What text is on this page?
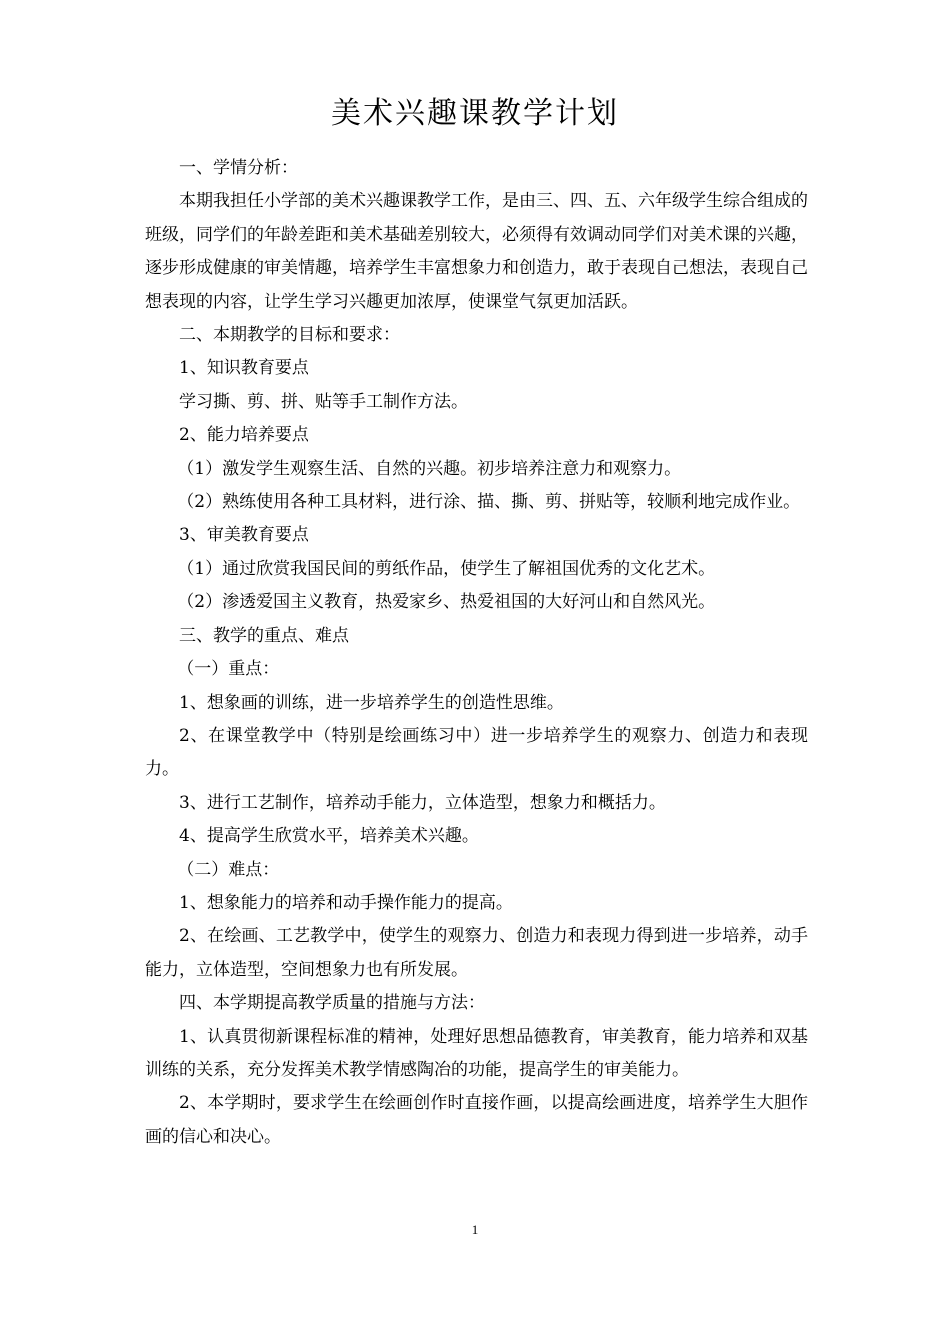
美术兴趣课教学计划

一、学情分析：

本期我担任小学部的美术兴趣课教学工作，是由三、四、五、六年级学生综合组成的班级，同学们的年龄差距和美术基础差别较大，必须得有效调动同学们对美术课的兴趣，逐步形成健康的审美情趣，培养学生丰富想象力和创造力，敢于表现自己想法，表现自己想表现的内容，让学生学习兴趣更加浓厚，使课堂气氛更加活跃。

二、本期教学的目标和要求：

1、知识教育要点

学习撕、剪、拼、贴等手工制作方法。

2、能力培养要点

（1）激发学生观察生活、自然的兴趣。初步培养注意力和观察力。

（2）熟练使用各种工具材料，进行涂、描、撕、剪、拼贴等，较顺利地完成作业。

3、审美教育要点

（1）通过欣赏我国民间的剪纸作品，使学生了解祖国优秀的文化艺术。

（2）渗透爱国主义教育，热爱家乡、热爱祖国的大好河山和自然风光。

三、教学的重点、难点

（一）重点：

1、想象画的训练，进一步培养学生的创造性思维。

2、在课堂教学中（特别是绘画练习中）进一步培养学生的观察力、创造力和表现力。

3、进行工艺制作，培养动手能力，立体造型，想象力和概括力。

4、提高学生欣赏水平，培养美术兴趣。

（二）难点：

1、想象能力的培养和动手操作能力的提高。

2、在绘画、工艺教学中，使学生的观察力、创造力和表现力得到进一步培养，动手能力，立体造型，空间想象力也有所发展。

四、本学期提高教学质量的措施与方法：

1、认真贯彻新课程标准的精神，处理好思想品德教育，审美教育，能力培养和双基训练的关系，充分发挥美术教学情感陶冶的功能，提高学生的审美能力。

2、本学期时，要求学生在绘画创作时直接作画，以提高绘画进度，培养学生大胆作画的信心和决心。

1
